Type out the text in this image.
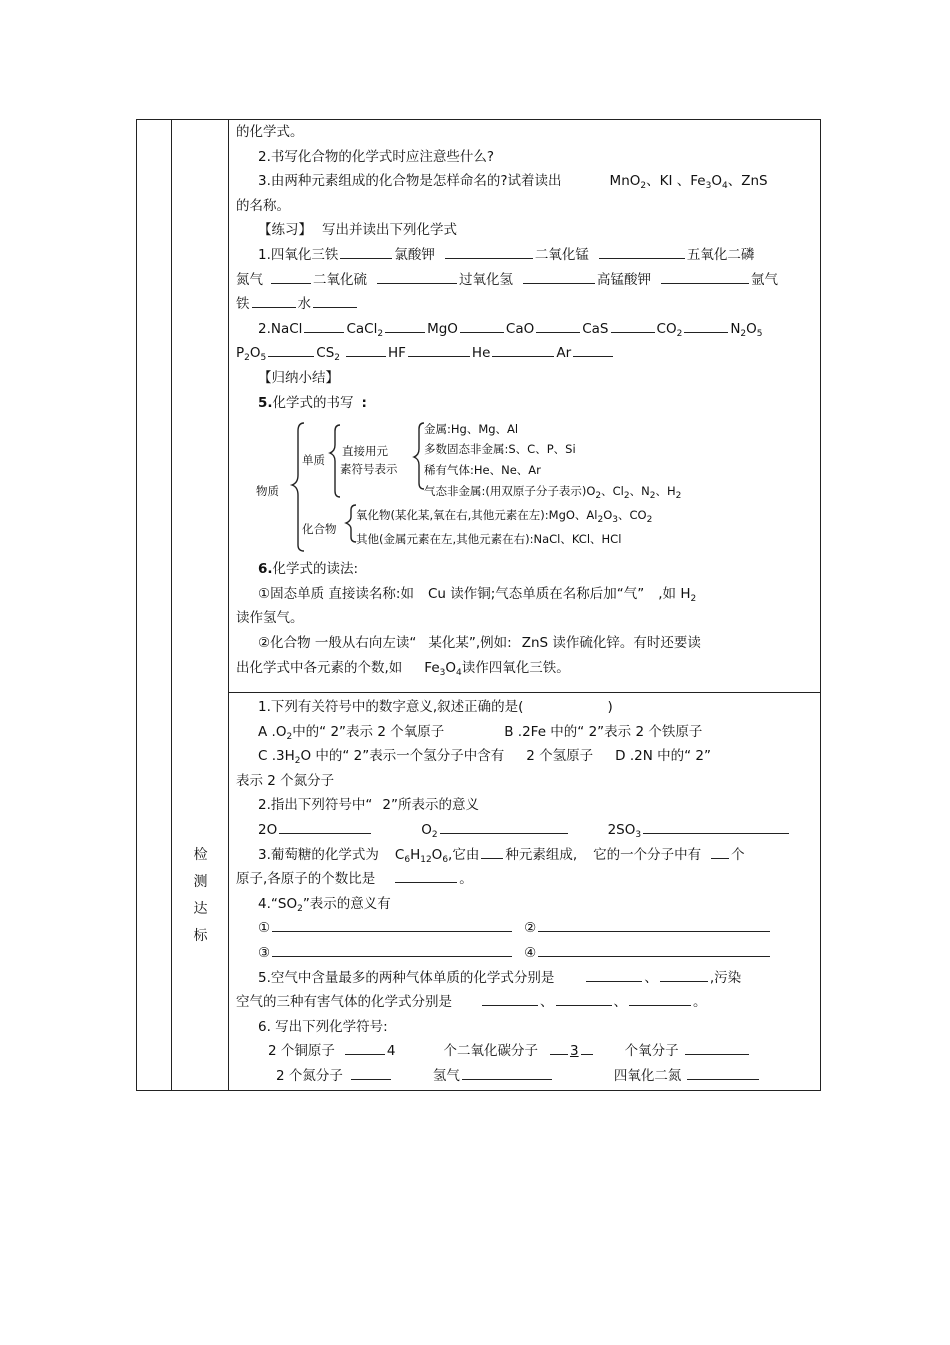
的化学式。
2.书写化合物的化学式时应注意些什么?
3.由两种元素组成的化合物是怎样命名的?试着读出	MnO$_2$、KI 、$Fe_3O_4$、ZnS
的名称。
【练习】 写出并读出下列化学式
1.四氧化三铁	氯酸钾	二氧化锰	五氧化二磷
氮气	二氧化硫	过氧化氢	高锰酸钾	氩气
铁	水
2.NaCl	CaCl$_2$	MgO	CaO	CaS	$CO_2$	$N_2O_5$
$P_2O_5$	$CS_2$	HF	He	Ar
【归纳小结】
5.化学式的书写 :
物质
单质
直接用元
素符号表示
金属:Hg、Mg、Al
多数固态非金属:S、C、P、Si
稀有气体:He、Ne、Ar
气态非金属:(用双原子分子表示)$O_2$、$Cl_2$、$N_2$、$H_2$
化合物
氧化物(某化某,氧在右,其他元素在左):MgO、$Al_2O_3$、$CO_2$
其他(金属元素在左,其他元素在右):NaCl、KCl、HCl
6.化学式的读法:
①固态单质 直接读名称:如 Cu 读作铜;气态单质在名称后加“气” ,如 $H_2$
读作氢气。
②化合物 一般从右向左读“ 某化某”,例如: ZnS 读作硫化锌。有时还要读
出化学式中各元素的个数,如 $Fe_3O_4$读作四氧化三铁。
检
测
达
标
1.下列有关符号中的数字意义,叙述正确的是(	)
A $.O_2$中的“ 2”表示 2 个氧原子	B .2Fe 中的“ 2”表示 2 个铁原子
C $.3H_2O$ 中的“ 2”表示一个氢分子中含有 2 个氢原子 D .2N 中的“ 2”
表示 2 个氮分子
2.指出下列符号中“ 2”所表示的意义
2O	$O_2$	$2SO_3$
3.葡萄糖的化学式为 $C_6H_{12}O_6$,它由 种元素组成, 它的一个分子中有 个
原子,各原子的个数比是	。
$4.“SO_2$”表示的意义有
①	②
③	④
5.空气中含量最多的两种气体单质的化学式分别是	、	,污染
空气的三种有害气体的化学式分别是	、	、	。
6. 写出下列化学符号:
2 个铜原子	4	个二氧化碳分子 3	个氧分子
2 个氮分子	氢气	四氧化二氮
